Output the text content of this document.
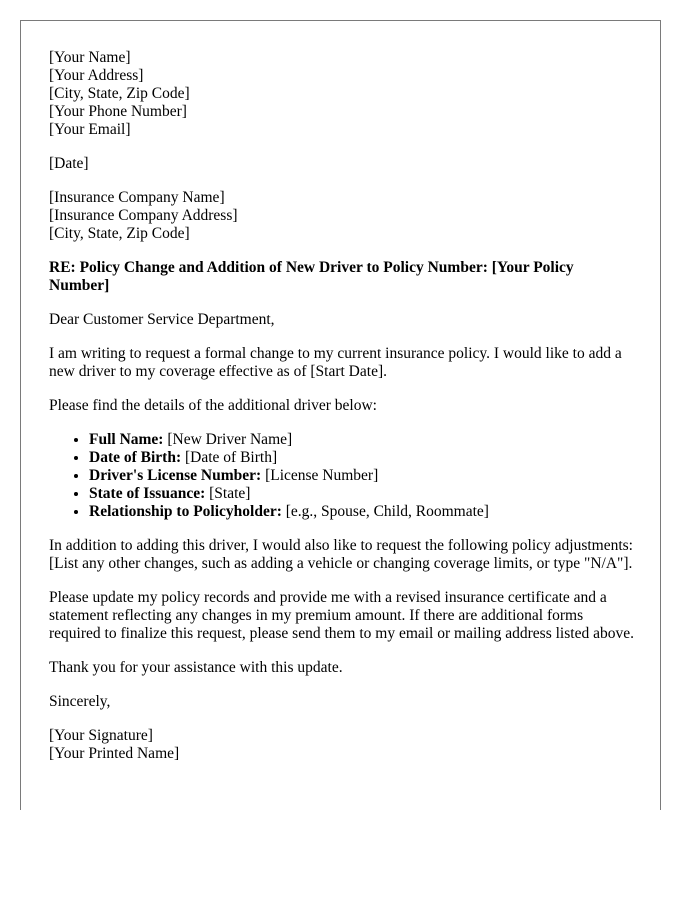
[Your Name]
[Your Address]
[City, State, Zip Code]
[Your Phone Number]
[Your Email]
[Date]
[Insurance Company Name]
[Insurance Company Address]
[City, State, Zip Code]
RE: Policy Change and Addition of New Driver to Policy Number: [Your Policy Number]

Dear Customer Service Department,

I am writing to request a formal change to my current insurance policy. I would like to add a new driver to my coverage effective as of [Start Date].

Please find the details of the additional driver below:

• Full Name: [New Driver Name]
• Date of Birth: [Date of Birth]
• Driver's License Number: [License Number]
• State of Issuance: [State]
• Relationship to Policyholder: [e.g., Spouse, Child, Roommate]

In addition to adding this driver, I would also like to request the following policy adjustments: [List any other changes, such as adding a vehicle or changing coverage limits, or type "N/A"].

Please update my policy records and provide me with a revised insurance certificate and a statement reflecting any changes in my premium amount. If there are additional forms required to finalize this request, please send them to my email or mailing address listed above.

Thank you for your assistance with this update.

Sincerely,

[Your Signature]
[Your Printed Name]
